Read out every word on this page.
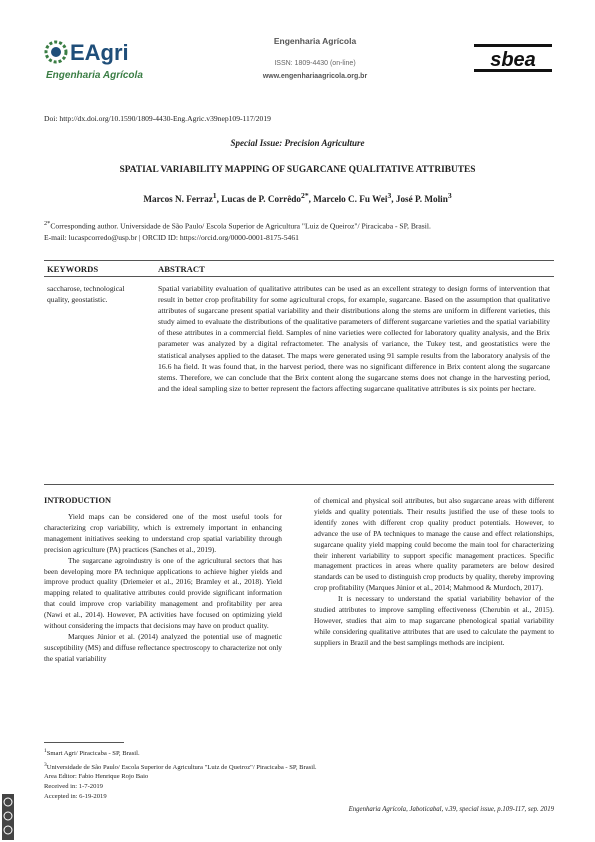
EAgri
Engenharia Agrícola
Engenharia Agrícola
ISSN: 1809-4430 (on-line)
www.engenhariaagricola.org.br
sbea
Doi: http://dx.doi.org/10.1590/1809-4430-Eng.Agric.v39nep109-117/2019
Special Issue: Precision Agriculture
SPATIAL VARIABILITY MAPPING OF SUGARCANE QUALITATIVE ATTRIBUTES
Marcos N. Ferraz$^1$, Lucas de P. Corrêdo$^{2*}$, Marcelo C. Fu Wei$^3$, José P. Molin$^3$
$^{2*}$Corresponding author. Universidade de São Paulo/ Escola Superior de Agricultura "Luiz de Queiroz"/ Piracicaba - SP, Brasil.
E-mail: lucaspcorredo@usp.br | ORCID ID: https://orcid.org/0000-0001-8175-5461
KEYWORDS	ABSTRACT
saccharose, technological quality, geostatistic.
Spatial variability evaluation of qualitative attributes can be used as an excellent strategy to design forms of intervention that result in better crop profitability for some agricultural crops, for example, sugarcane. Based on the assumption that qualitative attributes of sugarcane present spatial variability and their distributions along the stems are uniform in different varieties, this study aimed to evaluate the distributions of the qualitative parameters of different sugarcane varieties and the spatial variability of these attributes in a commercial field. Samples of nine varieties were collected for laboratory quality analysis, and the Brix parameter was analyzed by a digital refractometer. The analysis of variance, the Tukey test, and geostatistics were the statistical analyses applied to the dataset. The maps were generated using 91 sample results from the laboratory analysis of the 16.6 ha field. It was found that, in the harvest period, there was no significant difference in Brix content along the sugarcane stems. Therefore, we can conclude that the Brix content along the sugarcane stems does not change in the harvesting period, and the ideal sampling size to better represent the factors affecting sugarcane qualitative attributes is six points per hectare.
INTRODUCTION

Yield maps can be considered one of the most useful tools for characterizing crop variability, which is extremely important in enhancing management initiatives seeking to understand crop spatial variability through precision agriculture (PA) practices (Sanches et al., 2019).

The sugarcane agroindustry is one of the agricultural sectors that has been developing more PA technique applications to achieve higher yields and improve product quality (Driemeier et al., 2016; Bramley et al., 2018). Yield mapping related to qualitative attributes could provide significant information that could improve crop variability management and profitability per area (Nawi et al., 2014). However, PA activities have focused on optimizing yield without considering the impacts that decisions may have on product quality.

Marques Júnior et al. (2014) analyzed the potential use of magnetic susceptibility (MS) and diffuse reflectance spectroscopy to characterize not only the spatial variability

of chemical and physical soil attributes, but also sugarcane areas with different yields and quality potentials. Their results justified the use of these tools to identify zones with different crop quality product potentials. However, to advance the use of PA techniques to manage the cause and effect relationships, sugarcane quality yield mapping could become the main tool for characterizing their inherent variability to support specific management practices. Specific management practices in areas where quality parameters are below desired standards can be used to distinguish crop products by quality, thereby improving crop profitability (Marques Júnior et al., 2014; Mahmood & Murdoch, 2017).

It is necessary to understand the spatial variability behavior of the studied attributes to improve sampling effectiveness (Cherubin et al., 2015). However, studies that aim to map sugarcane phenological spatial variability while considering qualitative attributes that are used to calculate the payment to suppliers in Brazil and the best samplings methods are incipient.

$^1$Smart Agri/ Piracicaba - SP, Brasil.
$^3$Universidade de São Paulo/ Escola Superior de Agricultura "Luiz de Queiroz"/ Piracicaba - SP, Brasil.
Area Editor: Fabio Henrique Rojo Baio
Received in: 1-7-2019
Accepted in: 6-19-2019
Engenharia Agrícola, Jaboticabal, v.39, special issue, p.109-117, sep. 2019
